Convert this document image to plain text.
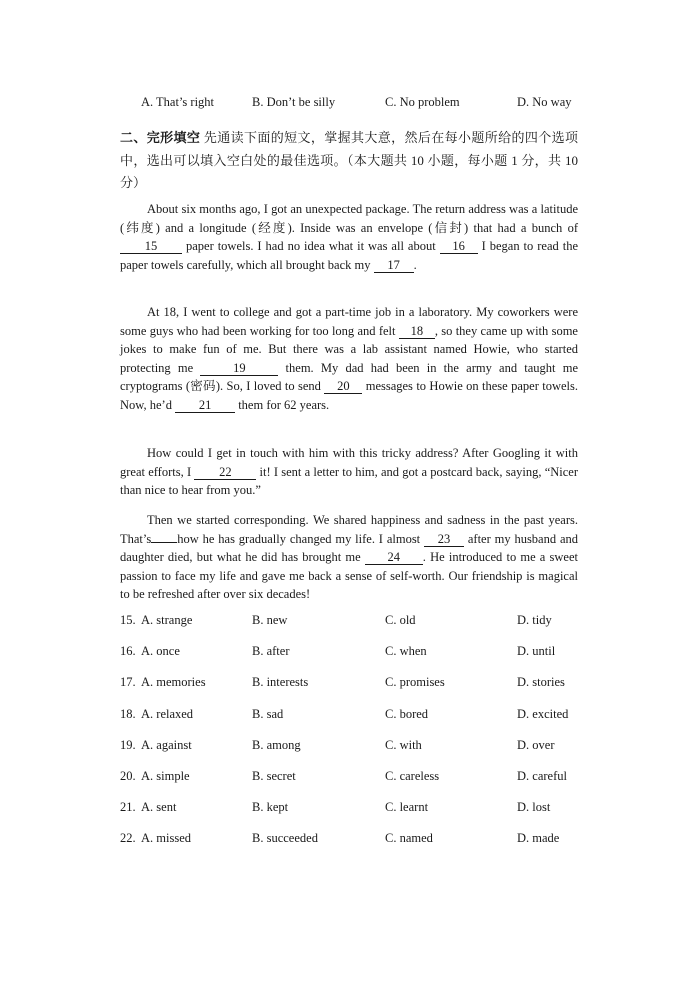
A. That’s right	B. Don’t be silly	C. No problem	D. No way
二、完形填空 先通读下面的短文，掌握其大意，然后在每小题所给的四个选项中，选出可以填入空白处的最佳选项。（本大题共 10 小题，每小题 1 分，共 10 分）
About six months ago, I got an unexpected package. The return address was a latitude (纬度) and a longitude (经度). Inside was an envelope (信封) that had a bunch of 15 paper towels. I had no idea what it was all about 16 I began to read the paper towels carefully, which all brought back my 17 .
At 18, I went to college and got a part-time job in a laboratory. My coworkers were some guys who had been working for too long and felt 18 , so they came up with some jokes to make fun of me. But there was a lab assistant named Howie, who started protecting me	19	them. My dad had been in the army and taught me cryptograms (密码). So, I loved to send 20 messages to Howie on these paper towels. Now, he’d 21 them for 62 years.
How could I get in touch with him with this tricky address? After Googling it with great efforts, I 22 it! I sent a letter to him, and got a postcard back, saying, “Nicer than nice to hear from you.”
Then we started corresponding. We shared happiness and sadness in the past years. That’s how he has gradually changed my life. I almost 23 after my husband and daughter died, but what he did has brought me 24 . He introduced to me a sweet passion to face my life and gave me back a sense of self-worth. Our friendship is magical to be refreshed after over six decades!
15. A. strange	B. new	C. old	D. tidy
16. A. once	B. after	C. when	D. until
17. A. memories	B. interests	C. promises	D. stories
18. A. relaxed	B. sad	C. bored	D. excited
19. A. against	B. among	C. with	D. over
20. A. simple	B. secret	C. careless	D. careful
21. A. sent	B. kept	C. learnt	D. lost
22. A. missed	B. succeeded	C. named	D. made
